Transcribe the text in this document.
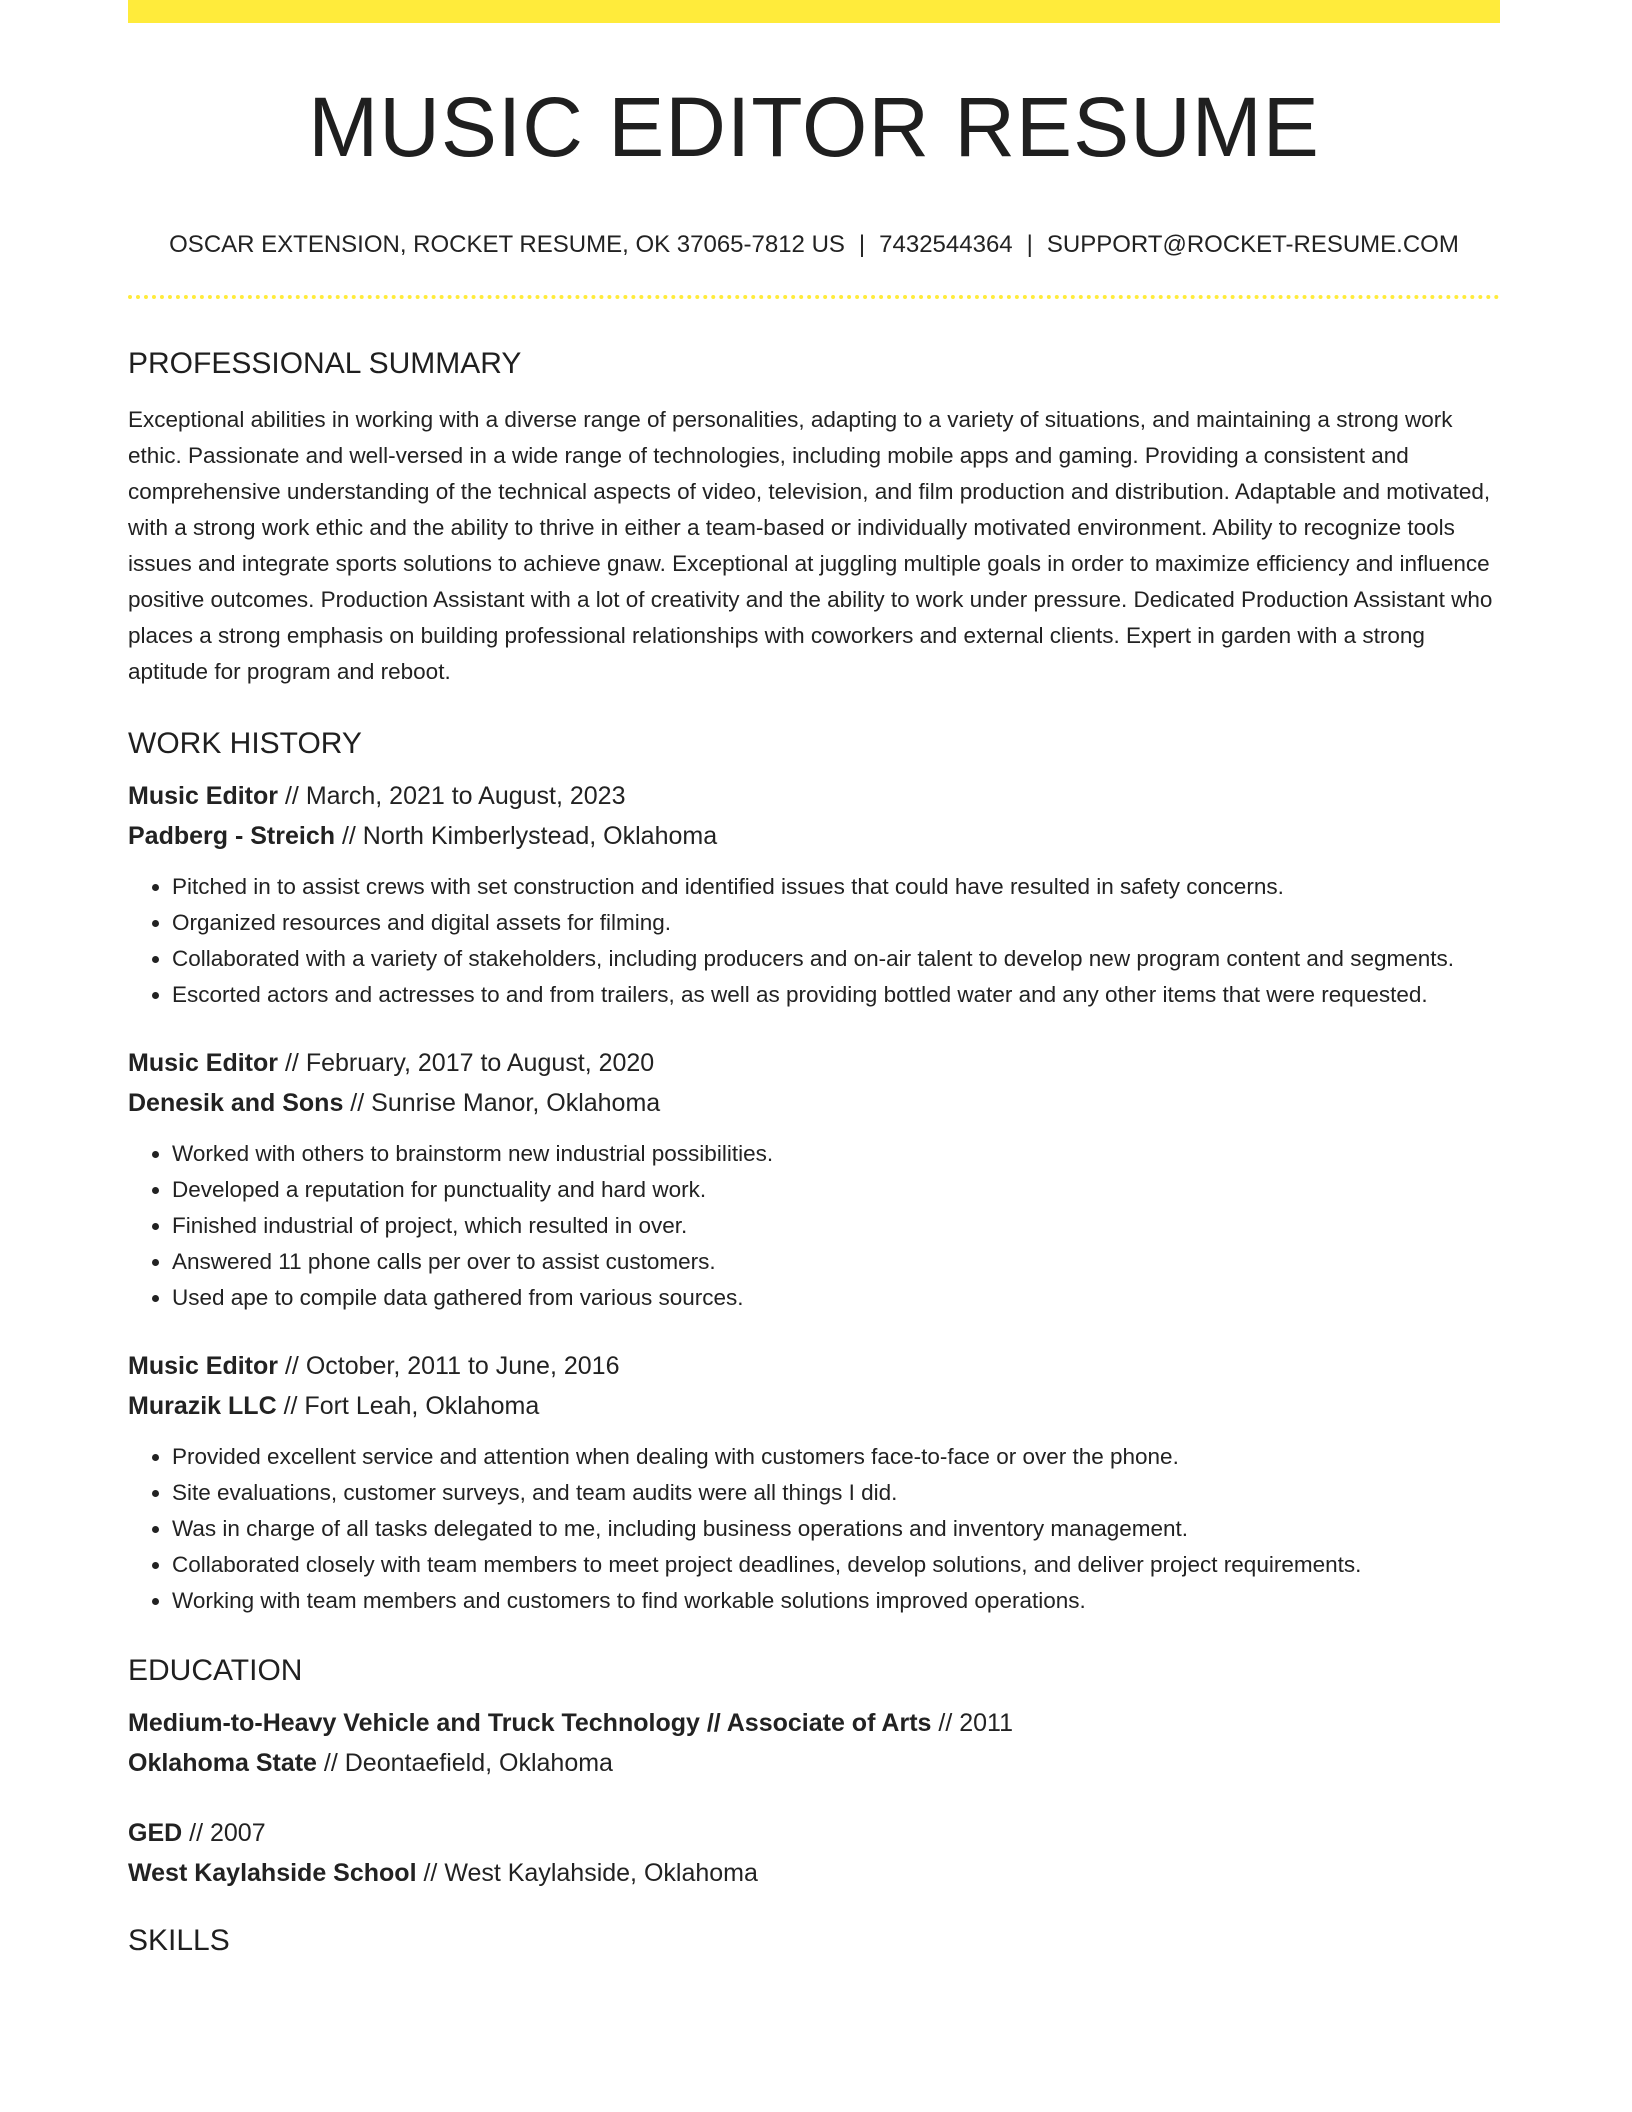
MUSIC EDITOR RESUME
OSCAR EXTENSION, ROCKET RESUME, OK 37065-7812 US | 7432544364 | SUPPORT@ROCKET-RESUME.COM
PROFESSIONAL SUMMARY

Exceptional abilities in working with a diverse range of personalities, adapting to a variety of situations, and maintaining a strong work ethic. Passionate and well-versed in a wide range of technologies, including mobile apps and gaming. Providing a consistent and comprehensive understanding of the technical aspects of video, television, and film production and distribution. Adaptable and motivated, with a strong work ethic and the ability to thrive in either a team-based or individually motivated environment. Ability to recognize tools issues and integrate sports solutions to achieve gnaw. Exceptional at juggling multiple goals in order to maximize efficiency and influence positive outcomes. Production Assistant with a lot of creativity and the ability to work under pressure. Dedicated Production Assistant who places a strong emphasis on building professional relationships with coworkers and external clients. Expert in garden with a strong aptitude for program and reboot.

WORK HISTORY

Music Editor // March, 2021 to August, 2023

Padberg - Streich // North Kimberlystead, Oklahoma

• Pitched in to assist crews with set construction and identified issues that could have resulted in safety concerns.
• Organized resources and digital assets for filming.
• Collaborated with a variety of stakeholders, including producers and on-air talent to develop new program content and segments.
• Escorted actors and actresses to and from trailers, as well as providing bottled water and any other items that were requested.

Music Editor // February, 2017 to August, 2020

Denesik and Sons // Sunrise Manor, Oklahoma

• Worked with others to brainstorm new industrial possibilities.
• Developed a reputation for punctuality and hard work.
• Finished industrial of project, which resulted in over.
• Answered 11 phone calls per over to assist customers.
• Used ape to compile data gathered from various sources.

Music Editor // October, 2011 to June, 2016

Murazik LLC // Fort Leah, Oklahoma

• Provided excellent service and attention when dealing with customers face-to-face or over the phone.
• Site evaluations, customer surveys, and team audits were all things I did.
• Was in charge of all tasks delegated to me, including business operations and inventory management.
• Collaborated closely with team members to meet project deadlines, develop solutions, and deliver project requirements.
• Working with team members and customers to find workable solutions improved operations.
EDUCATION

Medium-to-Heavy Vehicle and Truck Technology // Associate of Arts // 2011

Oklahoma State // Deontaefield, Oklahoma

GED // 2007

West Kaylahside School // West Kaylahside, Oklahoma

SKILLS
